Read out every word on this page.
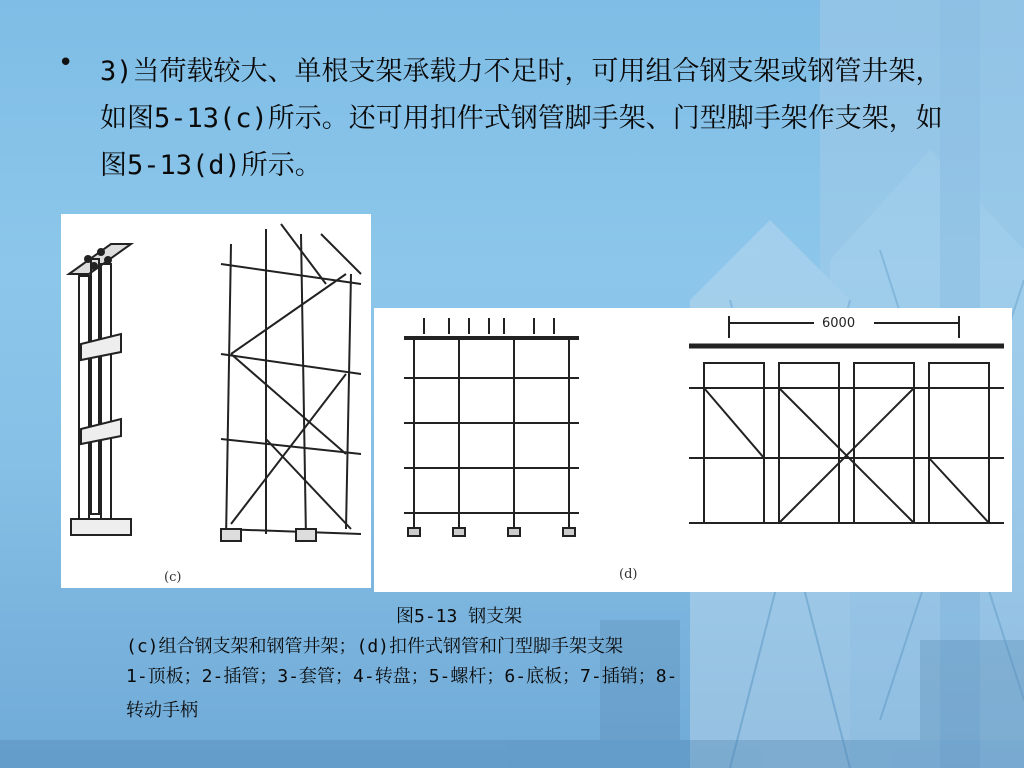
• 3)当荷载较大、单根支架承载力不足时，可用组合钢支架或钢管井架，如图5-13(c)所示。还可用扣件式钢管脚手架、门型脚手架作支架，如图5-13(d)所示。
(c)
6000
(d)
图5-13 钢支架
(c)组合钢支架和钢管井架；(d)扣件式钢管和门型脚手架支架
1-顶板；2-插管；3-套管；4-转盘；5-螺杆；6-底板；7-插销；8-
转动手柄
